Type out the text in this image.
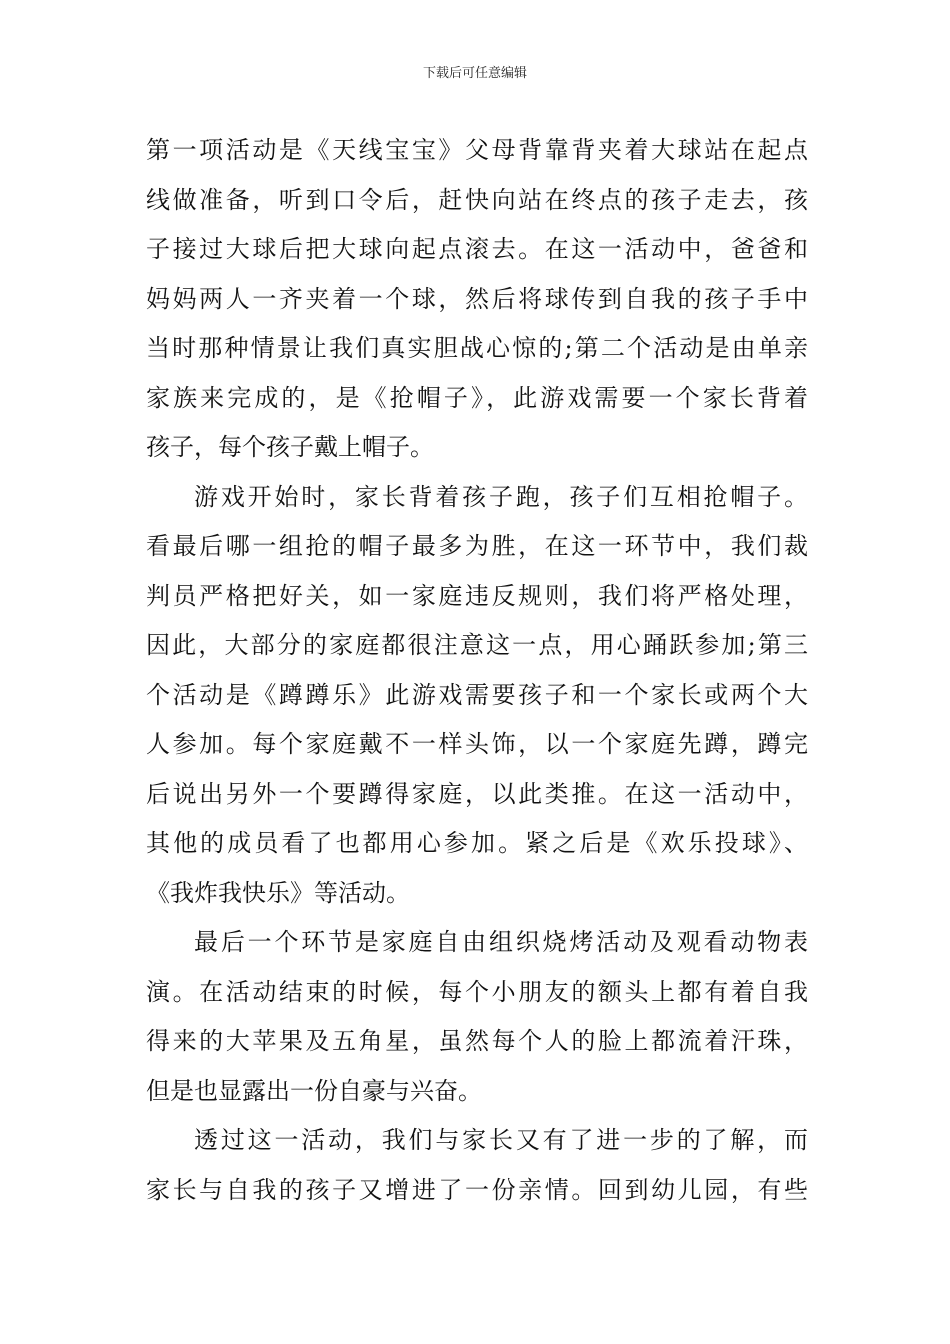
下载后可任意编辑
第一项活动是《天线宝宝》父母背靠背夹着大球站在起点
线做准备，听到口令后，赶快向站在终点的孩子走去，孩
子接过大球后把大球向起点滚去。在这一活动中，爸爸和
妈妈两人一齐夹着一个球，然后将球传到自我的孩子手中
当时那种情景让我们真实胆战心惊的;第二个活动是由单亲
家族来完成的，是《抢帽子》，此游戏需要一个家长背着
孩子，每个孩子戴上帽子。
游戏开始时，家长背着孩子跑，孩子们互相抢帽子。
看最后哪一组抢的帽子最多为胜，在这一环节中，我们裁
判员严格把好关，如一家庭违反规则，我们将严格处理，
因此，大部分的家庭都很注意这一点，用心踊跃参加;第三
个活动是《蹲蹲乐》此游戏需要孩子和一个家长或两个大
人参加。每个家庭戴不一样头饰，以一个家庭先蹲，蹲完
后说出另外一个要蹲得家庭，以此类推。在这一活动中，
其他的成员看了也都用心参加。紧之后是《欢乐投球》、
《我炸我快乐》等活动。
最后一个环节是家庭自由组织烧烤活动及观看动物表
演。在活动结束的时候，每个小朋友的额头上都有着自我
得来的大苹果及五角星，虽然每个人的脸上都流着汗珠，
但是也显露出一份自豪与兴奋。
透过这一活动，我们与家长又有了进一步的了解，而
家长与自我的孩子又增进了一份亲情。回到幼儿园，有些
